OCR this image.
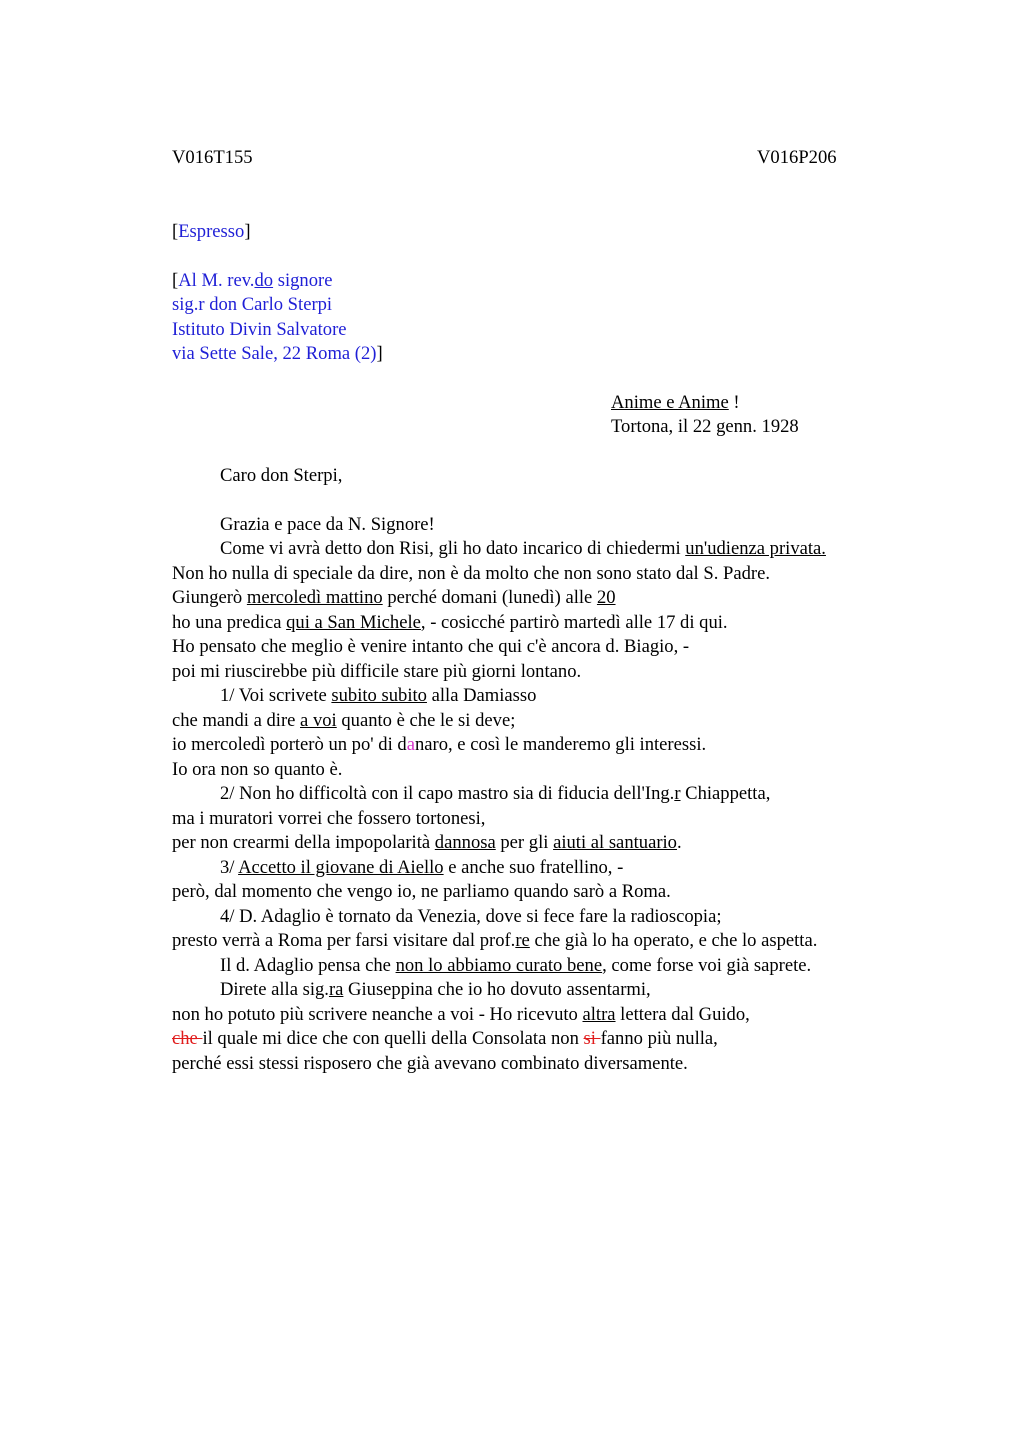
V016T155	V016P206
[Espresso]
[Al M. rev.do signore
sig.r don Carlo Sterpi
Istituto Divin Salvatore
via Sette Sale, 22 Roma (2)]
Anime e Anime !
Tortona, il 22 genn. 1928
Caro don Sterpi,
Grazia e pace da N. Signore!
Come vi avrà detto don Risi, gli ho dato incarico di chiedermi un'udienza privata.
Non ho nulla di speciale da dire, non è da molto che non sono stato dal S. Padre.
Giungerò mercoledì mattino perché domani (lunedì) alle 20
ho una predica qui a San Michele, - cosicché partirò martedì alle 17 di qui.
Ho pensato che meglio è venire intanto che qui c'è ancora d. Biagio, -
poi mi riuscirebbe più difficile stare più giorni lontano.
1/ Voi scrivete subito subito alla Damiasso
che mandi a dire a voi quanto è che le si deve;
io mercoledì porterò un po' di danaro, e così le manderemo gli interessi.
Io ora non so quanto è.
2/ Non ho difficoltà con il capo mastro sia di fiducia dell'Ing.r Chiappetta,
ma i muratori vorrei che fossero tortonesi,
per non crearmi della impopolarità dannosa per gli aiuti al santuario.
3/ Accetto il giovane di Aiello e anche suo fratellino, -
però, dal momento che vengo io, ne parliamo quando sarò a Roma.
4/ D. Adaglio è tornato da Venezia, dove si fece fare la radioscopia;
presto verrà a Roma per farsi visitare dal prof.re che già lo ha operato, e che lo aspetta.
Il d. Adaglio pensa che non lo abbiamo curato bene, come forse voi già saprete.
Direte alla sig.ra Giuseppina che io ho dovuto assentarmi,
non ho potuto più scrivere neanche a voi - Ho ricevuto altra lettera dal Guido,
che il quale mi dice che con quelli della Consolata non si fanno più nulla,
perché essi stessi risposero che già avevano combinato diversamente.
